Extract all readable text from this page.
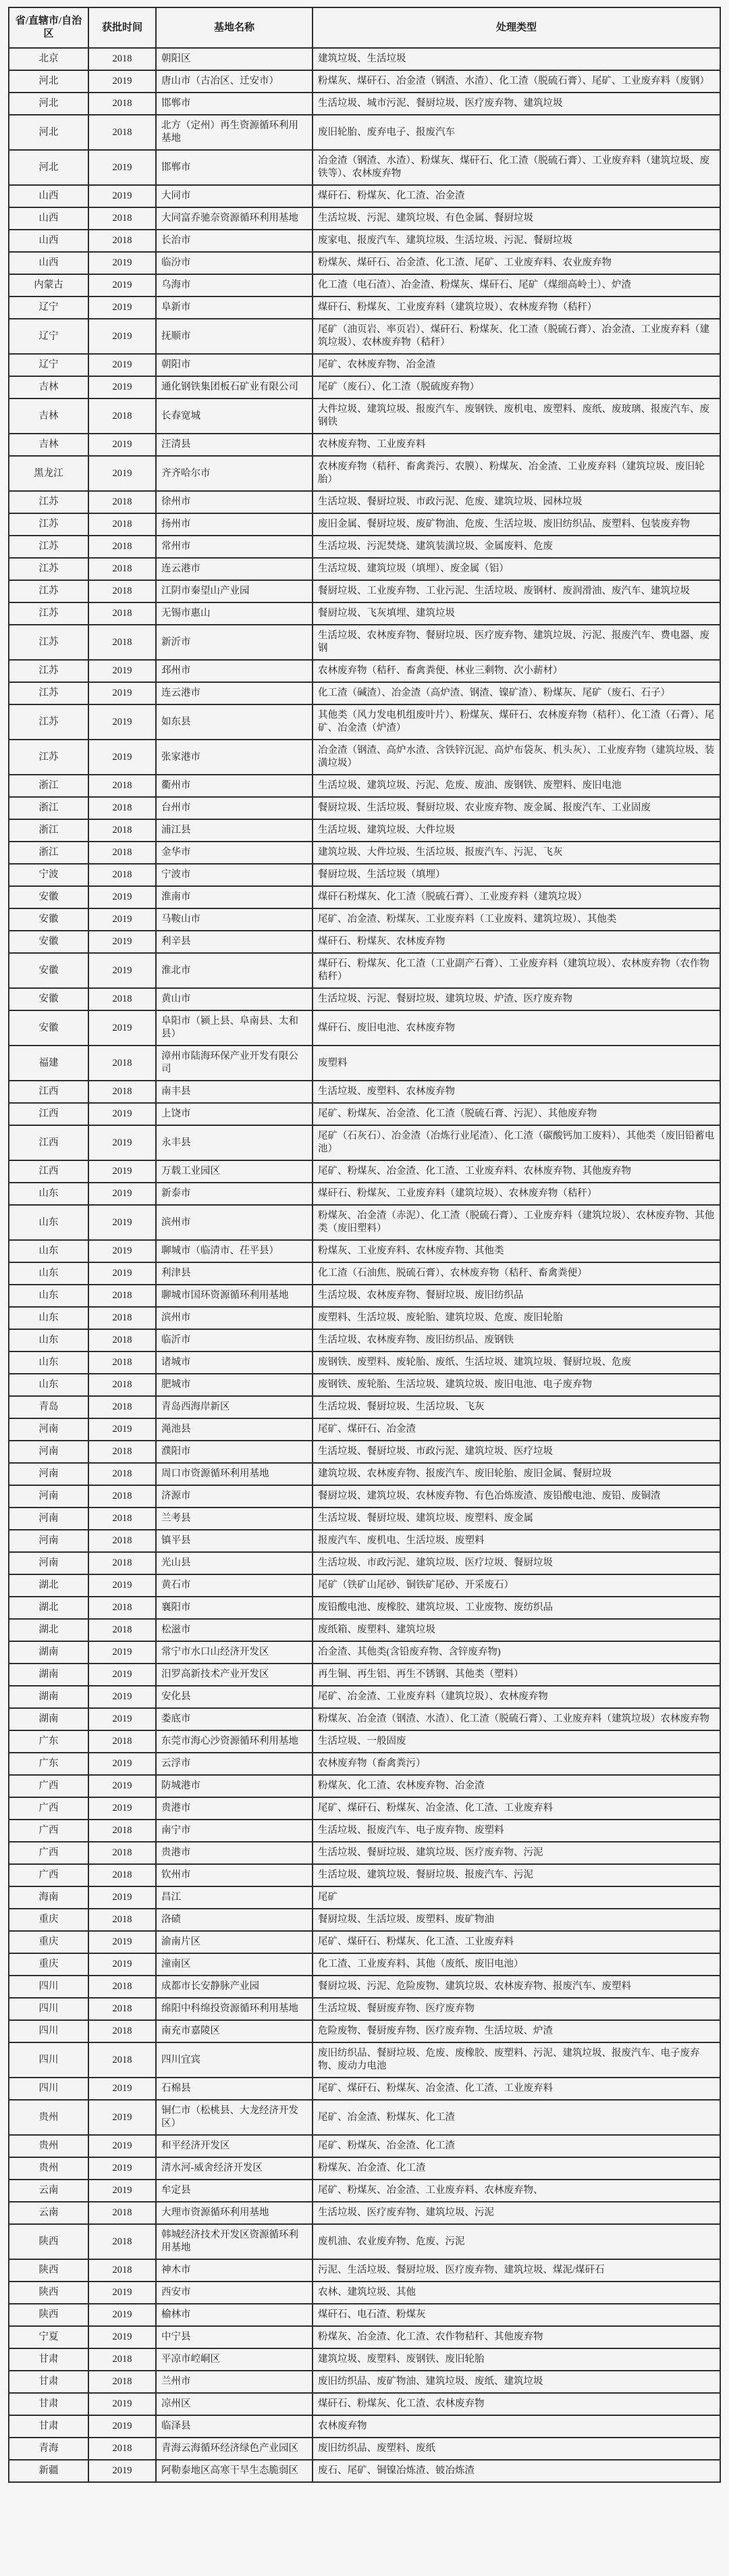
省/直辖市/自治区	获批时间	基地名称	处理类型
北京	2018	朝阳区	建筑垃圾、生活垃圾
河北	2019	唐山市（古冶区、迁安市）	粉煤灰、煤矸石、冶金渣（钢渣、水渣）、化工渣（脱硫石膏）、尾矿、工业废弃料（废钢）
河北	2018	邯郸市	生活垃圾、城市污泥、餐厨垃圾、医疗废弃物、建筑垃圾
河北	2018	北方（定州）再生资源循环利用基地	废旧轮胎、废弃电子、报废汽车
河北	2019	邯郸市	冶金渣（钢渣、水渣）、粉煤灰、煤矸石、化工渣（脱硫石膏）、工业废弃料（建筑垃圾、废铁等）、农林废弃物
山西	2019	大同市	煤矸石、粉煤灰、化工渣、冶金渣
山西	2018	大同富乔驰奈资源循环利用基地	生活垃圾、污泥、建筑垃圾、有色金属、餐厨垃圾
山西	2018	长治市	废家电、报废汽车、建筑垃圾、生活垃圾、污泥、餐厨垃圾
山西	2019	临汾市	粉煤灰、煤矸石、冶金渣、化工渣、尾矿、工业废弃料、农业废弃物
内蒙古	2019	乌海市	化工渣（电石渣）、冶金渣、粉煤灰、煤矸石、尾矿（煤细高岭土）、炉渣
辽宁	2019	阜新市	煤矸石、粉煤灰、工业废弃料（建筑垃圾）、农林废弃物（秸秆）
辽宁	2019	抚顺市	尾矿（油页岩、率页岩）、煤矸石、粉煤灰、化工渣（脱硫石膏）、冶金渣、工业废弃料（建筑垃圾）、农林废弃物（秸秆）
辽宁	2019	朝阳市	尾矿、农林废弃物、冶金渣
吉林	2019	通化钢铁集团板石矿业有限公司	尾矿（废石）、化工渣（脱硫废弃物）
吉林	2018	长春宽城	大件垃圾、建筑垃圾、报废汽车、废钢铁、废机电、废塑料、废纸、废玻璃、报废汽车、废钢铁
吉林	2019	汪清县	农林废弃物、工业废弃料
黑龙江	2019	齐齐哈尔市	农林废弃物（秸秆、畜禽粪污、农膜）、粉煤灰、冶金渣、工业废弃料（建筑垃圾、废旧轮胎）
江苏	2018	徐州市	生活垃圾、餐厨垃圾、市政污泥、危废、建筑垃圾、园林垃圾
江苏	2018	扬州市	废旧金属、餐厨垃圾、废矿物油、危废、生活垃圾、废旧纺织品、废塑料、包装废弃物
江苏	2018	常州市	生活垃圾、污泥焚烧、建筑装潢垃圾、金属废料、危废
江苏	2018	连云港市	生活垃圾、建筑垃圾（填埋）、废金属（铝）
江苏	2018	江阴市秦望山产业园	餐厨垃圾、工业废弃物、工业污泥、生活垃圾、废钢材、废润滑油、废汽车、建筑垃圾
江苏	2018	无锡市惠山	餐厨垃圾、飞灰填埋、建筑垃圾
江苏	2018	新沂市	生活垃圾、农林废弃物、餐厨垃圾、医疗废弃物、建筑垃圾、污泥、报废汽车、费电器、废钢
江苏	2019	邳州市	农林废弃物（秸秆、畜禽粪便、林业三剩物、次小薪材）
江苏	2019	连云港市	化工渣（碱渣）、冶金渣（高炉渣、钢渣、镍矿渣）、粉煤灰、尾矿（废石、石子）
江苏	2019	如东县	其他类（风力发电机组废叶片）、粉煤灰、煤矸石、农林废弃物（秸秆）、化工渣（石膏）、尾矿、冶金渣（炉渣）
江苏	2019	张家港市	冶金渣（钢渣、高炉水渣、含铁锌沉泥、高炉布袋灰、机头灰）、工业废弃物（建筑垃圾、装潢垃圾）
浙江	2018	衢州市	生活垃圾、建筑垃圾、污泥、危废、废油、废钢铁、废塑料、废旧电池
浙江	2018	台州市	餐厨垃圾、生活垃圾、餐厨垃圾、农业废弃物、废金属、报废汽车、工业固废
浙江	2018	浦江县	生活垃圾、建筑垃圾、大件垃圾
浙江	2018	金华市	建筑垃圾、大件垃圾、生活垃圾、报废汽车、污泥、飞灰
宁波	2018	宁波市	餐厨垃圾、生活垃圾（填埋）
安徽	2019	淮南市	煤矸石粉煤灰、化工渣（脱硫石膏）、工业废弃料（建筑垃圾）
安徽	2019	马鞍山市	尾矿、冶金渣、粉煤灰、工业废弃料（工业废料、建筑垃圾）、其他类
安徽	2019	利辛县	煤矸石、粉煤灰、农林废弃物
安徽	2019	淮北市	煤矸石、粉煤灰、化工渣（工业副产石膏）、工业废弃料（建筑垃圾）、农林废弃物（农作物秸秆）
安徽	2018	黄山市	生活垃圾、污泥、餐厨垃圾、建筑垃圾、炉渣、医疗废弃物
安徽	2019	阜阳市（颍上县、阜南县、太和县）	煤矸石、废旧电池、农林废弃物
福建	2018	漳州市陆海环保产业开发有限公司	废塑料
江西	2018	南丰县	生活垃圾、废塑料、农林废弃物
江西	2019	上饶市	尾矿、粉煤灰、冶金渣、化工渣（脱硫石膏、污泥）、其他废弃物
江西	2019	永丰县	尾矿（石灰石）、冶金渣（冶炼行业尾渣）、化工渣（碳酸钙加工废料）、其他类（废旧铅蓄电池）
江西	2019	万载工业园区	尾矿、粉煤灰、冶金渣、化工渣、工业废弃料、农林废弃物、其他废弃物
山东	2019	新泰市	煤矸石、粉煤灰、工业废弃料（建筑垃圾）、农林废弃物（秸秆）
山东	2019	滨州市	粉煤灰、冶金渣（赤泥）、化工渣（脱硫石膏）、工业废弃料（建筑垃圾）、农林废弃物、其他类（废旧塑料）
山东	2019	聊城市（临清市、茌平县）	粉煤灰、工业废弃料、农林废弃物、其他类
山东	2019	利津县	化工渣（石油焦、脱硫石膏）、农林废弃物（秸秆、畜禽粪便）
山东	2018	聊城市国环资源循环利用基地	生活垃圾、农林废弃物、餐厨垃圾、废旧纺织品
山东	2018	滨州市	废塑料、生活垃圾、废轮胎、建筑垃圾、危废、废旧轮胎
山东	2018	临沂市	生活垃圾、农林废弃物、废旧纺织品、废钢铁
山东	2018	诸城市	废钢铁、废塑料、废轮胎、废纸、生活垃圾、建筑垃圾、餐厨垃圾、危废
山东	2018	肥城市	废钢铁、废轮胎、生活垃圾、建筑垃圾、废旧电池、电子废弃物
青岛	2018	青岛西海岸新区	生活垃圾、餐厨垃圾、生活垃圾、飞灰
河南	2019	渑池县	尾矿、煤矸石、冶金渣
河南	2018	濮阳市	生活垃圾、餐厨垃圾、市政污泥、建筑垃圾、医疗垃圾
河南	2018	周口市资源循环利用基地	建筑垃圾、农林废弃物、报废汽车、废旧轮胎、废旧金属、餐厨垃圾
河南	2018	济源市	餐厨垃圾、建筑垃圾、农林废弃物、有色冶炼废渣、废铅酸电池、废铅、废铜渣
河南	2018	兰考县	生活垃圾、餐厨垃圾、建筑垃圾、废塑料、废金属
河南	2018	镇平县	报废汽车、废机电、生活垃圾、废塑料
河南	2018	光山县	生活垃圾、市政污泥、建筑垃圾、医疗垃圾、餐厨垃圾
湖北	2019	黄石市	尾矿（铁矿山尾砂、铜铁矿尾砂、开采废石）
湖北	2018	襄阳市	废铅酸电池、废橡胶、建筑垃圾、工业废物、废纺织品
湖北	2018	松滋市	废纸箱、废塑料、建筑垃圾
湖南	2019	常宁市水口山经济开发区	冶金渣、其他类(含铅废弃物、含锌废弃物)
湖南	2019	汨罗高新技术产业开发区	再生铜、再生铝、再生不锈钢、其他类（塑料）
湖南	2019	安化县	尾矿、冶金渣、工业废弃料（建筑垃圾）、农林废弃物
湖南	2019	娄底市	粉煤灰、冶金渣（钢渣、水渣）、化工渣（脱硫石膏）、工业废弃料（建筑垃圾）农林废弃物
广东	2018	东莞市海心沙资源循环利用基地	生活垃圾、一般固废
广东	2019	云浮市	农林废弃物（畜禽粪污）
广西	2019	防城港市	粉煤灰、化工渣、农林废弃物、冶金渣
广西	2019	贵港市	尾矿、煤矸石、粉煤灰、冶金渣、化工渣、工业废弃料
广西	2018	南宁市	生活垃圾、报废汽车、电子废弃物、废塑料
广西	2018	贵港市	生活垃圾、餐厨垃圾、建筑垃圾、医疗废弃物、污泥
广西	2018	钦州市	生活垃圾、建筑垃圾、餐厨垃圾、报废汽车、污泥
海南	2019	昌江	尾矿
重庆	2018	洛碛	餐厨垃圾、生活垃圾、废塑料、废矿物油
重庆	2019	渝南片区	尾矿、煤矸石、粉煤灰、化工渣、工业废弃料
重庆	2019	潼南区	化工渣、工业废弃料、其他（废纸、废旧电池）
四川	2018	成都市长安静脉产业园	餐厨垃圾、污泥、危险废物、建筑垃圾、农林废弃物、报废汽车、废塑料
四川	2018	绵阳中科绵投资源循环利用基地	生活垃圾、餐厨废弃物、医疗废弃物
四川	2018	南充市嘉陵区	危险废物、餐厨废弃物、医疗废弃物、生活垃圾、炉渣
四川	2018	四川宜宾	废旧纺织品、餐厨垃圾、危废、废橡胶、废塑料、污泥、建筑垃圾、报废汽车、电子废弃物、废动力电池
四川	2019	石棉县	尾矿、煤矸石、粉煤灰、冶金渣、化工渣、工业废弃料
贵州	2019	铜仁市（松桃县、大龙经济开发区）	尾矿、冶金渣、粉煤灰、化工渣
贵州	2019	和平经济开发区	尾矿、粉煤灰、冶金渣、化工渣
贵州	2019	清水河-威舍经济开发区	粉煤灰、冶金渣、化工渣
云南	2019	牟定县	尾矿、粉煤灰、冶金渣、工业废弃料、农林废弃物、
云南	2018	大理市资源循环利用基地	生活垃圾、医疗废弃物、建筑垃圾、污泥
陕西	2018	韩城经济技术开发区资源循环利用基地	废机油、农业废弃物、危废、污泥
陕西	2018	神木市	污泥、生活垃圾、餐厨垃圾、医疗废弃物、建筑垃圾、煤泥/煤矸石
陕西	2019	西安市	农林、建筑垃圾、其他
陕西	2019	榆林市	煤矸石、电石渣、粉煤灰
宁夏	2019	中宁县	粉煤灰、冶金渣、化工渣、农作物秸秆、其他废弃物
甘肃	2018	平凉市崆峒区	建筑垃圾、废塑料、废钢铁、废旧轮胎
甘肃	2018	兰州市	废旧纺织品、废矿物油、建筑垃圾、废纸、建筑垃圾
甘肃	2019	凉州区	煤矸石、粉煤灰、化工渣、农林废弃物
甘肃	2019	临泽县	农林废弃物
青海	2018	青海云海循环经济绿色产业园区	废旧纺织品、废塑料、废纸
新疆	2019	阿勒泰地区高寒干旱生态脆弱区	废石、尾矿、铜镍冶炼渣、铍冶炼渣
